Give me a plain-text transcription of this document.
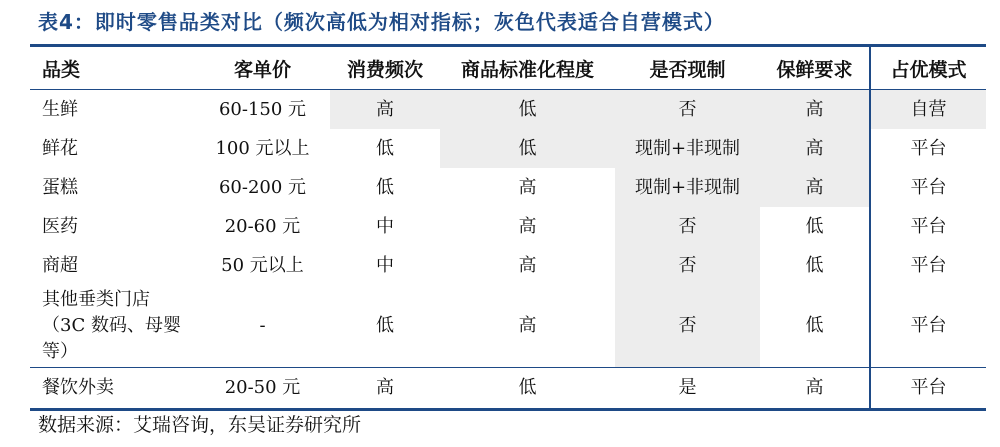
表4：即时零售品类对比（频次高低为相对指标；灰色代表适合自营模式）
品类	客单价	消费频次	商品标准化程度	是否现制	保鲜要求	占优模式
生鲜	60-150 元	高	低	否	高	自营
鲜花	100 元以上	低	低	现制+非现制	高	平台
蛋糕	60-200 元	低	高	现制+非现制	高	平台
医药	20-60 元	中	高	否	低	平台
商超	50 元以上	中	高	否	低	平台
其他垂类门店（3C 数码、母婴等）	-	低	高	否	低	平台
餐饮外卖	20-50 元	高	低	是	高	平台
数据来源：艾瑞咨询，东吴证券研究所
